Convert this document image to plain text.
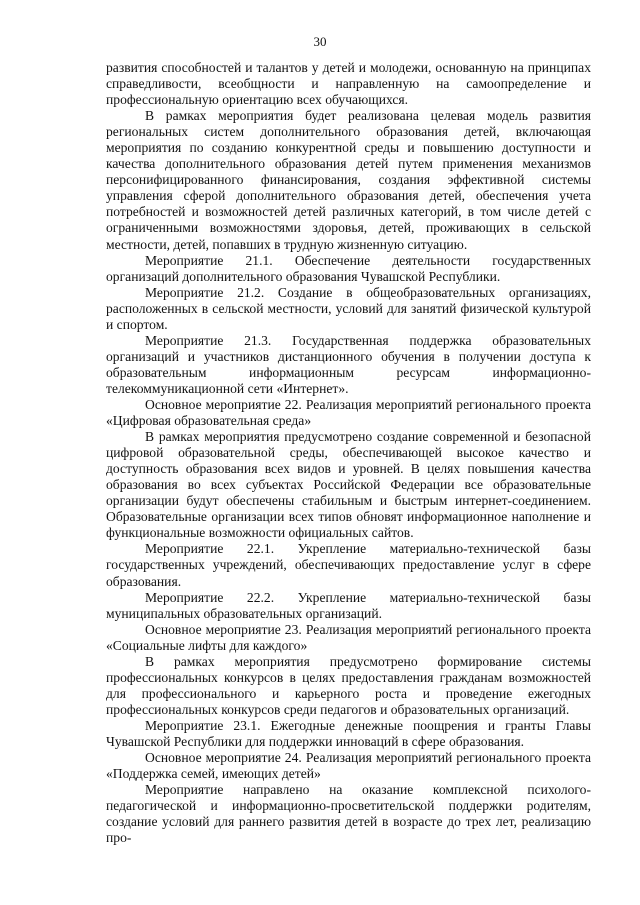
30

развития способностей и талантов у детей и молодежи, основанную на принципах справедливости, всеобщности и направленную на самоопределение и профессиональную ориентацию всех обучающихся.

В рамках мероприятия будет реализована целевая модель развития региональных систем дополнительного образования детей, включающая мероприятия по созданию конкурентной среды и повышению доступности и качества дополнительного образования детей путем применения механизмов персонифицированного финансирования, создания эффективной системы управления сферой дополнительного образования детей, обеспечения учета потребностей и возможностей детей различных категорий, в том числе детей с ограниченными возможностями здоровья, детей, проживающих в сельской местности, детей, попавших в трудную жизненную ситуацию.

Мероприятие 21.1. Обеспечение деятельности государственных организаций дополнительного образования Чувашской Республики.

Мероприятие 21.2. Создание в общеобразовательных организациях, расположенных в сельской местности, условий для занятий физической культурой и спортом.

Мероприятие 21.3. Государственная поддержка образовательных организаций и участников дистанционного обучения в получении доступа к образовательным информационным ресурсам информационно-телекоммуникационной сети «Интернет».

Основное мероприятие 22. Реализация мероприятий регионального проекта «Цифровая образовательная среда»

В рамках мероприятия предусмотрено создание современной и безопасной цифровой образовательной среды, обеспечивающей высокое качество и доступность образования всех видов и уровней. В целях повышения качества образования во всех субъектах Российской Федерации все образовательные организации будут обеспечены стабильным и быстрым интернет-соединением. Образовательные организации всех типов обновят информационное наполнение и функциональные возможности официальных сайтов.

Мероприятие 22.1. Укрепление материально-технической базы государственных учреждений, обеспечивающих предоставление услуг в сфере образования.

Мероприятие 22.2. Укрепление материально-технической базы муниципальных образовательных организаций.

Основное мероприятие 23. Реализация мероприятий регионального проекта «Социальные лифты для каждого»

В рамках мероприятия предусмотрено формирование системы профессиональных конкурсов в целях предоставления гражданам возможностей для профессионального и карьерного роста и проведение ежегодных профессиональных конкурсов среди педагогов и образовательных организаций.

Мероприятие 23.1. Ежегодные денежные поощрения и гранты Главы Чувашской Республики для поддержки инноваций в сфере образования.

Основное мероприятие 24. Реализация мероприятий регионального проекта «Поддержка семей, имеющих детей»

Мероприятие направлено на оказание комплексной психолого-педагогической и информационно-просветительской поддержки родителям, создание условий для раннего развития детей в возрасте до трех лет, реализацию про-
